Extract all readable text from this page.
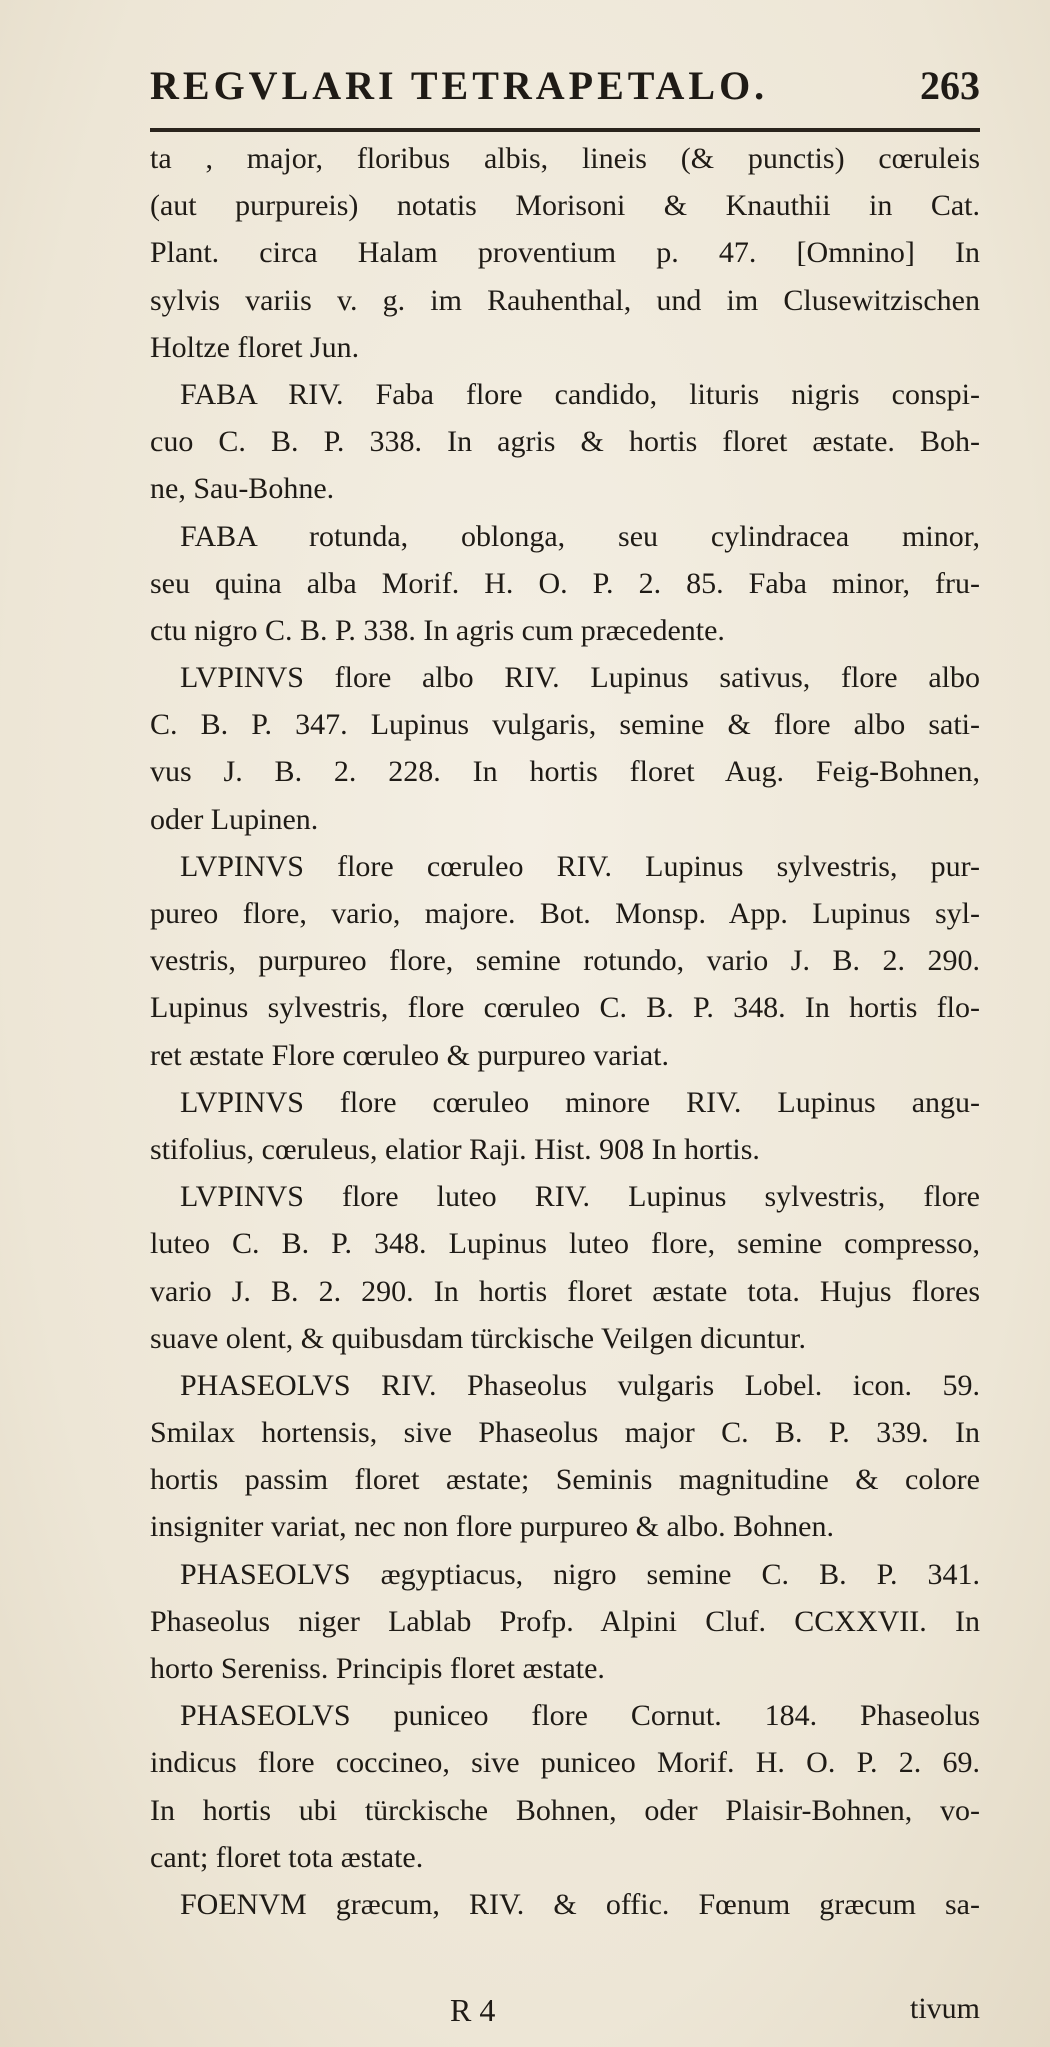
REGVLARI TETRAPETALO.	263
ta , major, floribus albis, lineis (& punctis) cœruleis
(aut purpureis) notatis Morisoni & Knauthii in Cat.
Plant. circa Halam proventium p. 47. [Omnino] In
sylvis variis v. g. im Rauhenthal, und im Clusewitzischen
Holtze floret Jun.
FABA RIV. Faba flore candido, lituris nigris conspi-
cuo C. B. P. 338. In agris & hortis floret æstate. Boh-
ne, Sau-Bohne.
FABA rotunda, oblonga, seu cylindracea minor,
seu quina alba Morif. H. O. P. 2. 85. Faba minor, fru-
ctu nigro C. B. P. 338. In agris cum præcedente.
LVPINVS flore albo RIV. Lupinus sativus, flore albo
C. B. P. 347. Lupinus vulgaris, semine & flore albo sati-
vus J. B. 2. 228. In hortis floret Aug. Feig-Bohnen,
oder Lupinen.
LVPINVS flore cœruleo RIV. Lupinus sylvestris, pur-
pureo flore, vario, majore. Bot. Monsp. App. Lupinus syl-
vestris, purpureo flore, semine rotundo, vario J. B. 2. 290.
Lupinus sylvestris, flore cœruleo C. B. P. 348. In hortis flo-
ret æstate Flore cœruleo & purpureo variat.
LVPINVS flore cœruleo minore RIV. Lupinus angu-
stifolius, cœruleus, elatior Raji. Hist. 908 In hortis.
LVPINVS flore luteo RIV. Lupinus sylvestris, flore
luteo C. B. P. 348. Lupinus luteo flore, semine compresso,
vario J. B. 2. 290. In hortis floret æstate tota. Hujus flores
suave olent, & quibusdam türckische Veilgen dicuntur.
PHASEOLVS RIV. Phaseolus vulgaris Lobel. icon. 59.
Smilax hortensis, sive Phaseolus major C. B. P. 339. In
hortis passim floret æstate; Seminis magnitudine & colore
insigniter variat, nec non flore purpureo & albo. Bohnen.
PHASEOLVS ægyptiacus, nigro semine C. B. P. 341.
Phaseolus niger Lablab Profp. Alpini Cluf. CCXXVII. In
horto Sereniss. Principis floret æstate.
PHASEOLVS puniceo flore Cornut. 184. Phaseolus
indicus flore coccineo, sive puniceo Morif. H. O. P. 2. 69.
In hortis ubi türckische Bohnen, oder Plaisir-Bohnen, vo-
cant; floret tota æstate.
FOENVM græcum, RIV. & offic. Fœnum græcum sa-
R 4	tivum
